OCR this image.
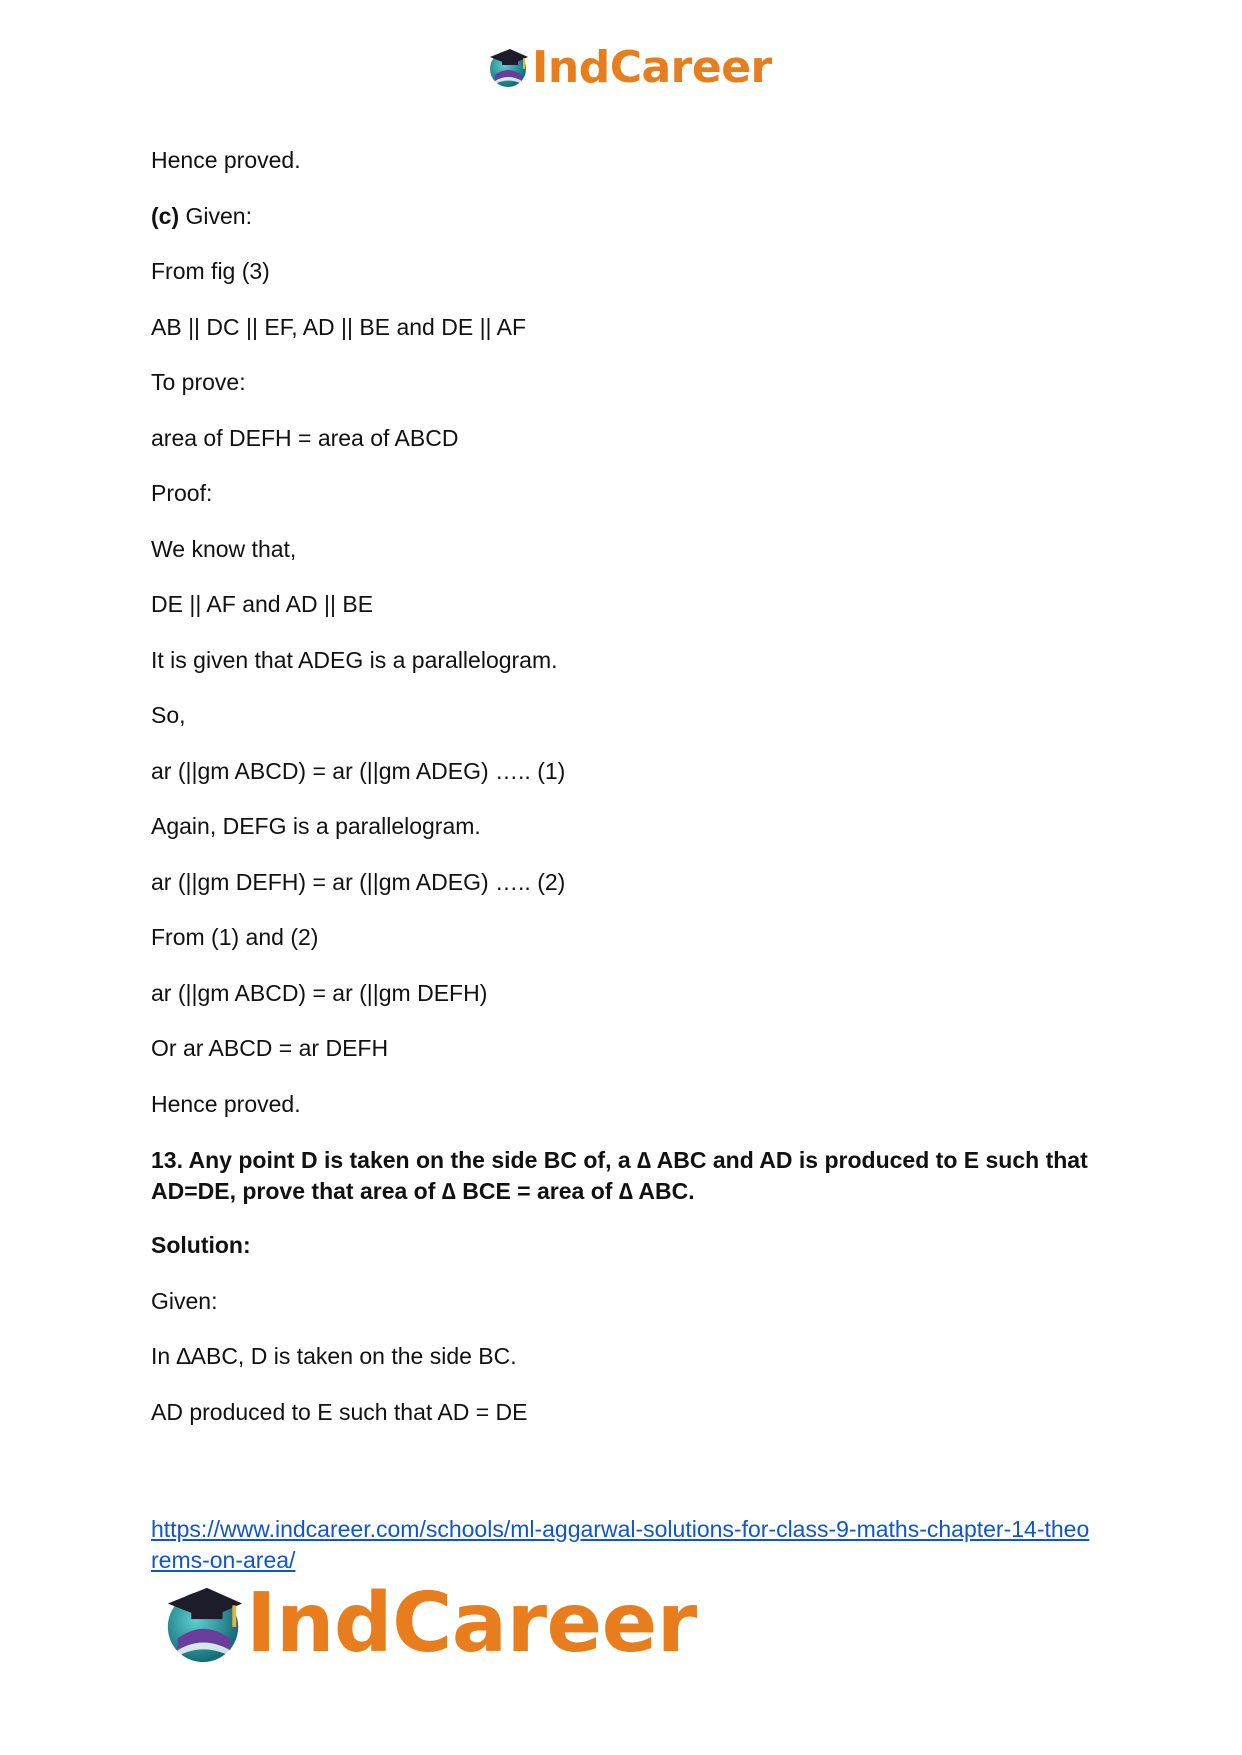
IndCareer
Hence proved.
(c) Given:
From fig (3)
AB || DC || EF, AD || BE and DE || AF
To prove:
area of DEFH = area of ABCD
Proof:
We know that,
DE || AF and AD || BE
It is given that ADEG is a parallelogram.
So,
ar (||gm ABCD) = ar (||gm ADEG) ….. (1)
Again, DEFG is a parallelogram.
ar (||gm DEFH) = ar (||gm ADEG) ….. (2)
From (1) and (2)
ar (||gm ABCD) = ar (||gm DEFH)
Or ar ABCD = ar DEFH
Hence proved.
13. Any point D is taken on the side BC of, a ∆ ABC and AD is produced to E such that AD=DE, prove that area of ∆ BCE = area of ∆ ABC.
Solution:
Given:
In ∆ABC, D is taken on the side BC.
AD produced to E such that AD = DE
https://www.indcareer.com/schools/ml-aggarwal-solutions-for-class-9-maths-chapter-14-theorems-on-area/
IndCareer
